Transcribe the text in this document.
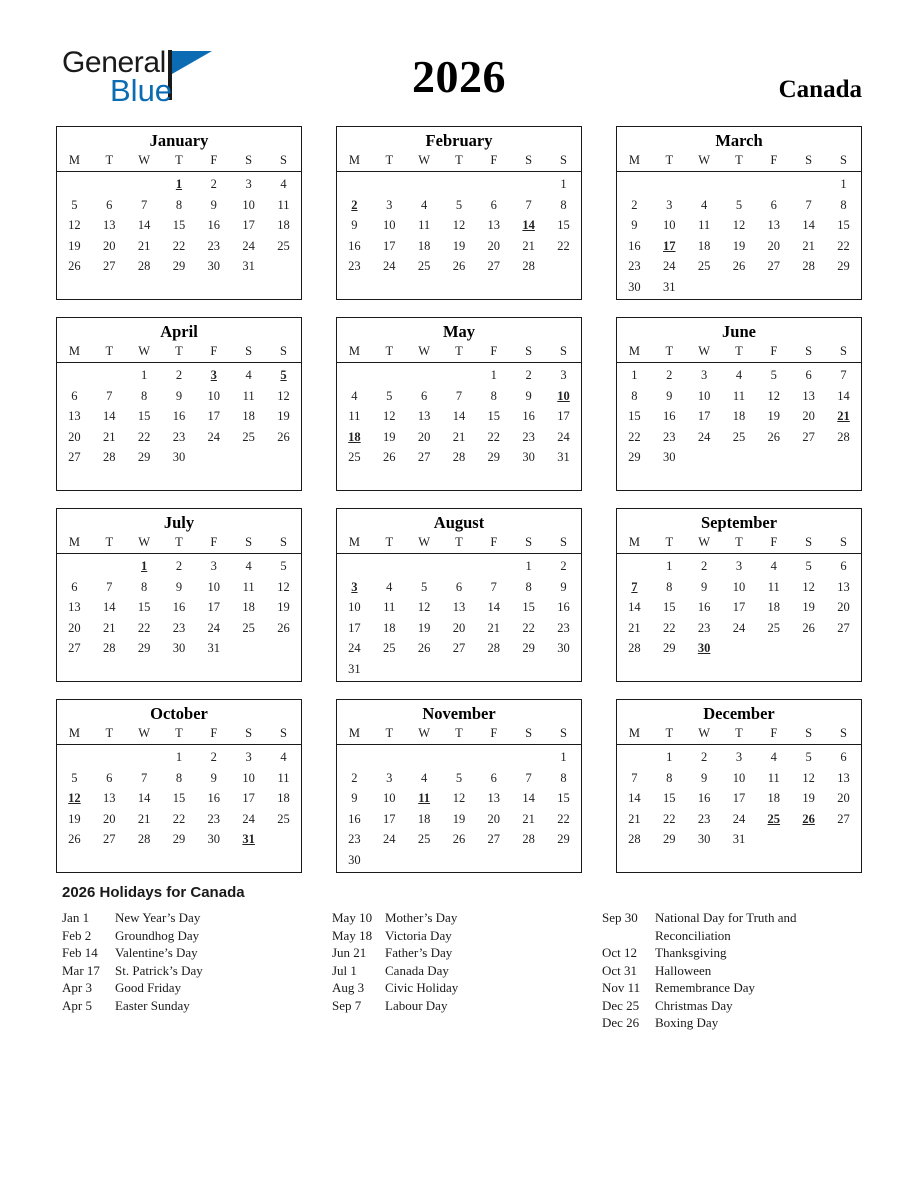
General
Blue	2026	Canada
January
M	T	W	T	F	S	S
			1	2	3	4
5	6	7	8	9	10	11
12	13	14	15	16	17	18
19	20	21	22	23	24	25
26	27	28	29	30	31	

February
M	T	W	T	F	S	S
						1
2	3	4	5	6	7	8
9	10	11	12	13	14	15
16	17	18	19	20	21	22
23	24	25	26	27	28	

March
M	T	W	T	F	S	S
						1
2	3	4	5	6	7	8
9	10	11	12	13	14	15
16	17	18	19	20	21	22
23	24	25	26	27	28	29
30	31					
April
M	T	W	T	F	S	S
		1	2	3	4	5
6	7	8	9	10	11	12
13	14	15	16	17	18	19
20	21	22	23	24	25	26
27	28	29	30			

May
M	T	W	T	F	S	S
				1	2	3
4	5	6	7	8	9	10
11	12	13	14	15	16	17
18	19	20	21	22	23	24
25	26	27	28	29	30	31

June
M	T	W	T	F	S	S
1	2	3	4	5	6	7
8	9	10	11	12	13	14
15	16	17	18	19	20	21
22	23	24	25	26	27	28
29	30					

July
M	T	W	T	F	S	S
		1	2	3	4	5
6	7	8	9	10	11	12
13	14	15	16	17	18	19
20	21	22	23	24	25	26
27	28	29	30	31		

August
M	T	W	T	F	S	S
					1	2
3	4	5	6	7	8	9
10	11	12	13	14	15	16
17	18	19	20	21	22	23
24	25	26	27	28	29	30
31						
September
M	T	W	T	F	S	S
	1	2	3	4	5	6
7	8	9	10	11	12	13
14	15	16	17	18	19	20
21	22	23	24	25	26	27
28	29	30				

October
M	T	W	T	F	S	S
			1	2	3	4
5	6	7	8	9	10	11
12	13	14	15	16	17	18
19	20	21	22	23	24	25
26	27	28	29	30	31	

November
M	T	W	T	F	S	S
						1
2	3	4	5	6	7	8
9	10	11	12	13	14	15
16	17	18	19	20	21	22
23	24	25	26	27	28	29
30						
December
M	T	W	T	F	S	S
	1	2	3	4	5	6
7	8	9	10	11	12	13
14	15	16	17	18	19	20
21	22	23	24	25	26	27
28	29	30	31			

2026 Holidays for Canada
Jan 1	New Year’s Day
Feb 2	Groundhog Day
Feb 14	Valentine’s Day
Mar 17	St. Patrick’s Day
Apr 3	Good Friday
Apr 5	Easter Sunday
May 10 Mother’s Day
May 18 Victoria Day
Jun 21	Father’s Day
Jul 1	Canada Day
Aug 3	Civic Holiday
Sep 7	Labour Day
Sep 30	National Day for Truth and Reconciliation
Oct 12	Thanksgiving
Oct 31	Halloween
Nov 11	Remembrance Day
Dec 25	Christmas Day
Dec 26	Boxing Day
